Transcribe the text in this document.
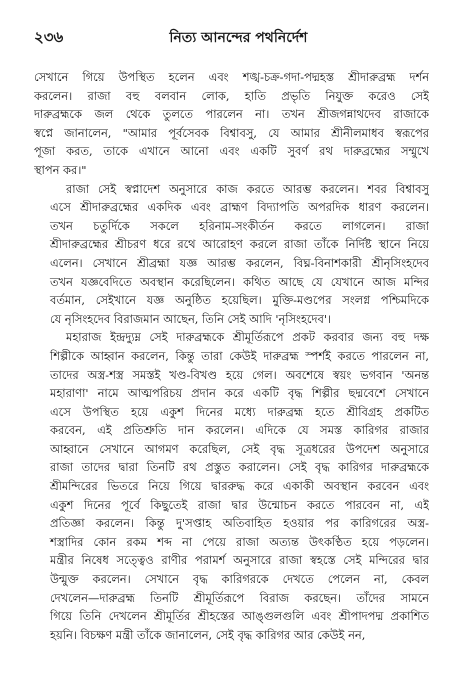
২৩৬	নিত্য আনন্দের পথনির্দেশ
সেখানে গিয়ে উপস্থিত হলেন এবং শঙ্খ-চক্র-গদা-পদ্মহস্ত শ্রীদারুব্রহ্ম দর্শন
করলেন। রাজা বহু বলবান লোক, হাতি প্রভৃতি নিযুক্ত করেও সেই
দারুব্রহ্মকে জল থেকে তুলতে পারলেন না। তখন শ্রীজগন্নাথদেব রাজাকে
স্বপ্নে জানালেন, "আমার পূর্বসেবক বিশ্বাবসু, যে আমার শ্রীনীলমাধব স্বরূপের
পূজা করত, তাকে এখানে আনো এবং একটি সুবর্ণ রথ দারুব্রহ্মের সম্মুখে
স্থাপন কর।"
রাজা সেই স্বপ্নাদেশ অনুসারে কাজ করতে আরম্ভ করলেন। শবর বিশ্বাবসু
এসে শ্রীদারুব্রহ্মের একদিক এবং ব্রাহ্মণ বিদ্যাপতি অপরদিক ধারণ করলেন।
তখন চতুর্দিকে সকলে হরিনাম-সংকীর্তন করতে লাগলেন। রাজা
শ্রীদারুব্রহ্মের শ্রীচরণ ধরে রথে আরোহণ করলে রাজা তাঁকে নির্দিষ্ট স্থানে নিয়ে
এলেন। সেখানে শ্রীব্রহ্মা যজ্ঞ আরম্ভ করলেন, বিঘ্ন-বিনাশকারী শ্রীনৃসিংহদেব
তখন যজ্ঞবেদিতে অবস্থান করেছিলেন। কথিত আছে যে যেখানে আজ মন্দির
বর্তমান, সেইখানে যজ্ঞ অনুষ্ঠিত হয়েছিল। মুক্তি-মণ্ডপের সংলগ্ন পশ্চিমদিকে
যে নৃসিংহদেব বিরাজমান আছেন, তিনি সেই আদি 'নৃসিংহদেব'।
মহারাজ ইন্দ্রদ্যুম্ন সেই দারুব্রহ্মকে শ্রীমূর্তিরূপে প্রকট করবার জন্য বহু দক্ষ
শিল্পীকে আহ্বান করলেন, কিন্তু তারা কেউই দারুব্রহ্ম স্পর্শই করতে পারলেন না,
তাদের অস্ত্র-শস্ত্র সমস্তই খণ্ড-বিখণ্ড হয়ে গেল। অবশেষে স্বয়ং ভগবান 'অনন্ত
মহারাণা' নামে আত্মপরিচয় প্রদান করে একটি বৃদ্ধ শিল্পীর ছদ্মবেশে সেখানে
এসে উপস্থিত হয়ে একুশ দিনের মধ্যে দারুব্রহ্ম হতে শ্রীবিগ্রহ প্রকটিত
করবেন, এই প্রতিশ্রুতি দান করলেন। এদিকে যে সমস্ত কারিগর রাজার
আহ্বানে সেখানে আগমণ করেছিল, সেই বৃদ্ধ সূত্রধরের উপদেশ অনুসারে
রাজা তাদের দ্বারা তিনটি রথ প্রস্তুত করালেন। সেই বৃদ্ধ কারিগর দারুব্রহ্মকে
শ্রীমন্দিরের ভিতরে নিয়ে গিয়ে দ্বাররুদ্ধ করে একাকী অবস্থান করবেন এবং
একুশ দিনের পূর্বে কিছুতেই রাজা দ্বার উন্মোচন করতে পারবেন না, এই
প্রতিজ্ঞা করলেন। কিন্তু দু'সপ্তাহ অতিবাহিত হওয়ার পর কারিগরের অস্ত্র-
শস্ত্রাদির কোন রকম শব্দ না পেয়ে রাজা অত্যন্ত উৎকণ্ঠিত হয়ে পড়লেন।
মন্ত্রীর নিষেধ সত্ত্বেও রাণীর পরামর্শ অনুসারে রাজা স্বহস্তে সেই মন্দিরের দ্বার
উন্মুক্ত করলেন। সেখানে বৃদ্ধ কারিগরকে দেখতে পেলেন না, কেবল
দেখলেন—দারুব্রহ্ম তিনটি শ্রীমূর্তিরূপে বিরাজ করছেন। তাঁদের সামনে
গিয়ে তিনি দেখলেন শ্রীমূর্তির শ্রীহস্তের আঙ্গুলগুলি এবং শ্রীপাদপদ্ম প্রকাশিত
হয়নি। বিচক্ষণ মন্ত্রী তাঁকে জানালেন, সেই বৃদ্ধ কারিগর আর কেউই নন,
